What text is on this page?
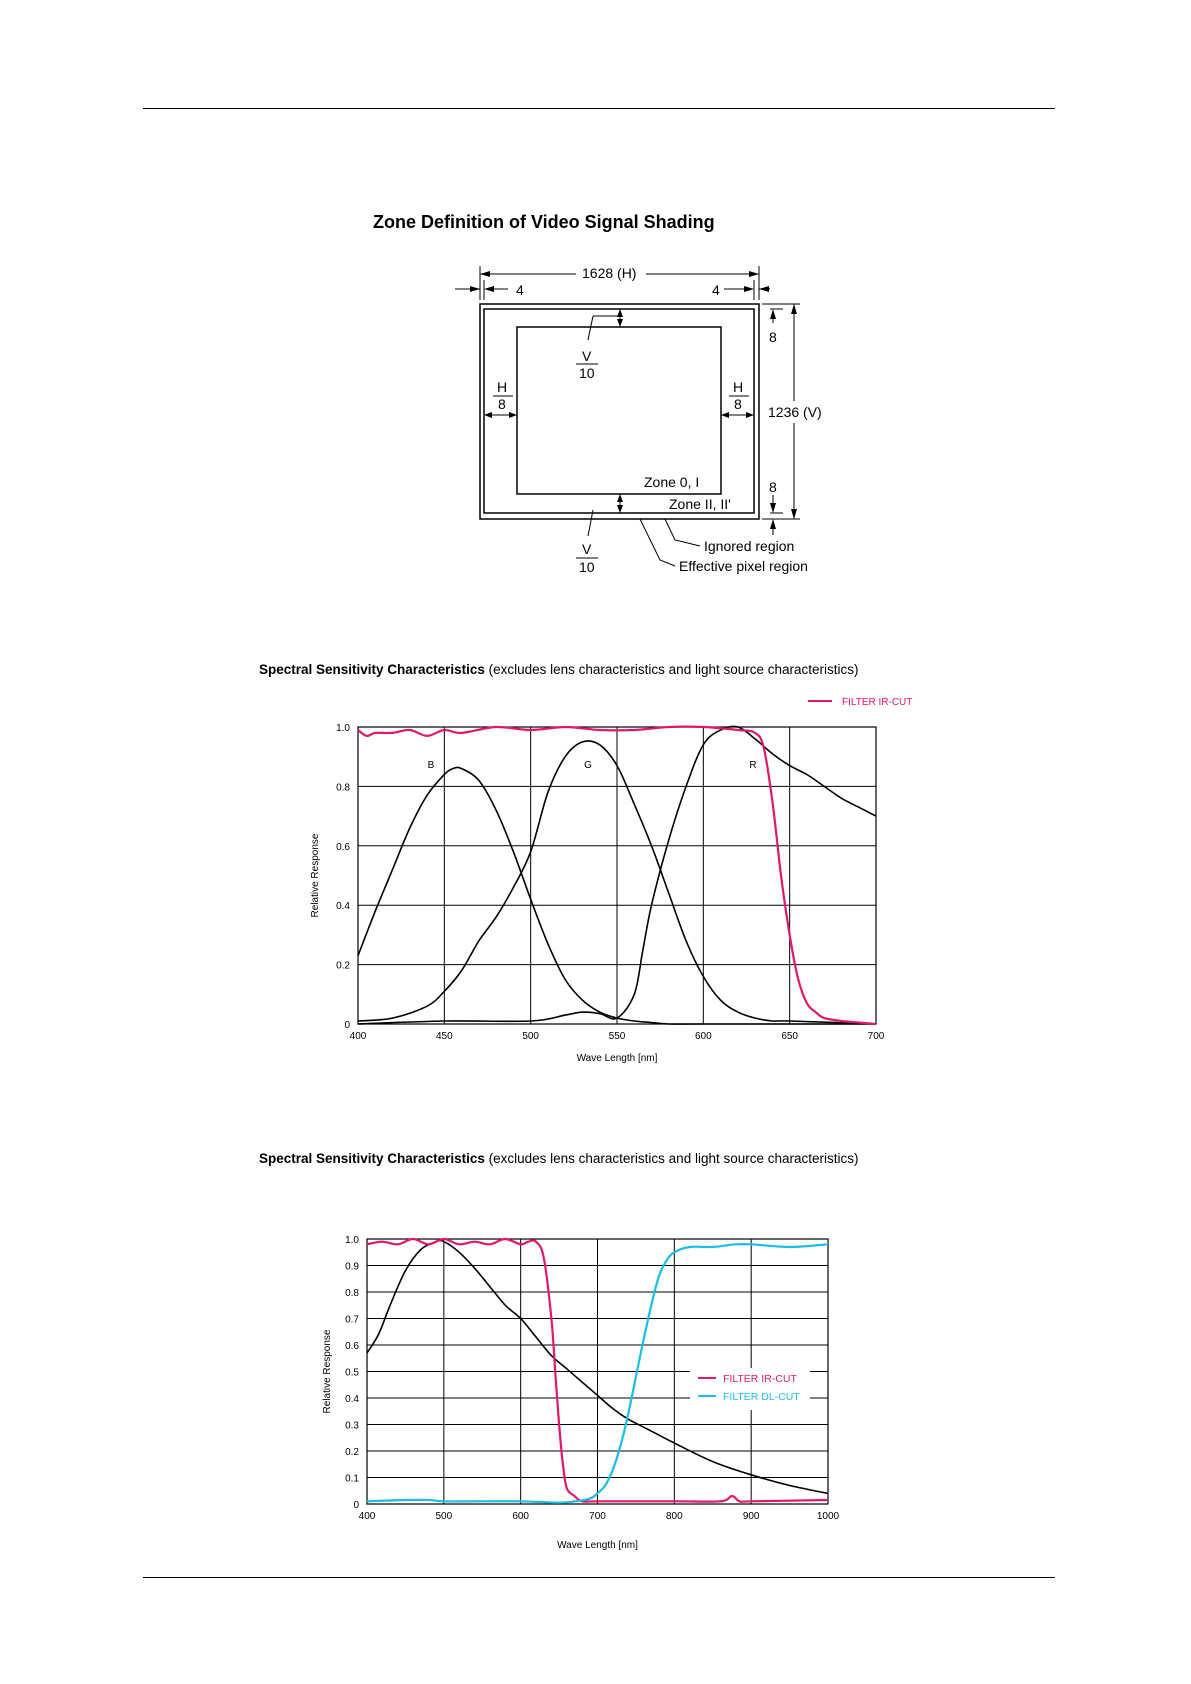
Zone Definition of Video Signal Shading
1628 (H)
4	4
1236 (V)
8
8
V
10
V
10
H
8
H
8
Zone 0, I
Zone II, II'
Ignored region
Effective pixel region
Spectral Sensitivity Characteristics (excludes lens characteristics and light source characteristics)
400	450	500	550	600	650	700
0
0.2
0.4
0.6
0.8
1.0
Wave Length [nm]
Relative Response
B	G	R
FILTER IR-CUT
Spectral Sensitivity Characteristics (excludes lens characteristics and light source characteristics)
400	500	600	700	800	900	1000
0
0.1
0.2
0.3
0.4
0.5
0.6
0.7
0.8
0.9
1.0
Wave Length [nm]
Relative Response	FILTER IR-CUT
FILTER DL-CUT
